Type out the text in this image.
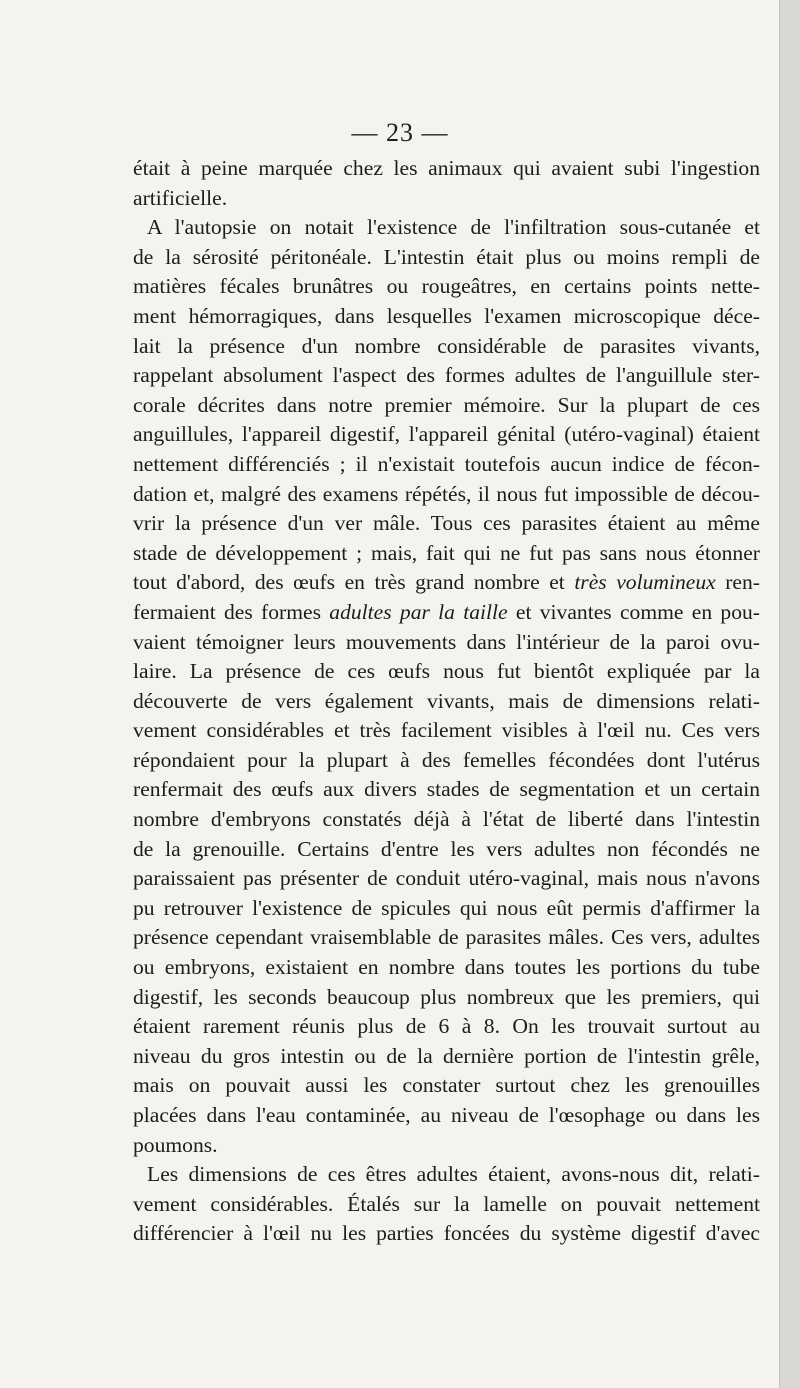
— 23 —
était à peine marquée chez les animaux qui avaient subi l'ingestion
artificielle.
A l'autopsie on notait l'existence de l'infiltration sous-cutanée et
de la sérosité péritonéale. L'intestin était plus ou moins rempli de
matières fécales brunâtres ou rougeâtres, en certains points nette-
ment hémorragiques, dans lesquelles l'examen microscopique déce-
lait la présence d'un nombre considérable de parasites vivants,
rappelant absolument l'aspect des formes adultes de l'anguillule ster-
corale décrites dans notre premier mémoire. Sur la plupart de ces
anguillules, l'appareil digestif, l'appareil génital (utéro-vaginal) étaient
nettement différenciés ; il n'existait toutefois aucun indice de fécon-
dation et, malgré des examens répétés, il nous fut impossible de décou-
vrir la présence d'un ver mâle. Tous ces parasites étaient au même
stade de développement ; mais, fait qui ne fut pas sans nous étonner
tout d'abord, des œufs en très grand nombre et très volumineux ren-
fermaient des formes adultes par la taille et vivantes comme en pou-
vaient témoigner leurs mouvements dans l'intérieur de la paroi ovu-
laire. La présence de ces œufs nous fut bientôt expliquée par la
découverte de vers également vivants, mais de dimensions relati-
vement considérables et très facilement visibles à l'œil nu. Ces vers
répondaient pour la plupart à des femelles fécondées dont l'utérus
renfermait des œufs aux divers stades de segmentation et un certain
nombre d'embryons constatés déjà à l'état de liberté dans l'intestin
de la grenouille. Certains d'entre les vers adultes non fécondés ne
paraissaient pas présenter de conduit utéro-vaginal, mais nous n'avons
pu retrouver l'existence de spicules qui nous eût permis d'affirmer la
présence cependant vraisemblable de parasites mâles. Ces vers, adultes
ou embryons, existaient en nombre dans toutes les portions du tube
digestif, les seconds beaucoup plus nombreux que les premiers, qui
étaient rarement réunis plus de 6 à 8. On les trouvait surtout au
niveau du gros intestin ou de la dernière portion de l'intestin grêle,
mais on pouvait aussi les constater surtout chez les grenouilles
placées dans l'eau contaminée, au niveau de l'œsophage ou dans les
poumons.
Les dimensions de ces êtres adultes étaient, avons-nous dit, relati-
vement considérables. Étalés sur la lamelle on pouvait nettement
différencier à l'œil nu les parties foncées du système digestif d'avec
